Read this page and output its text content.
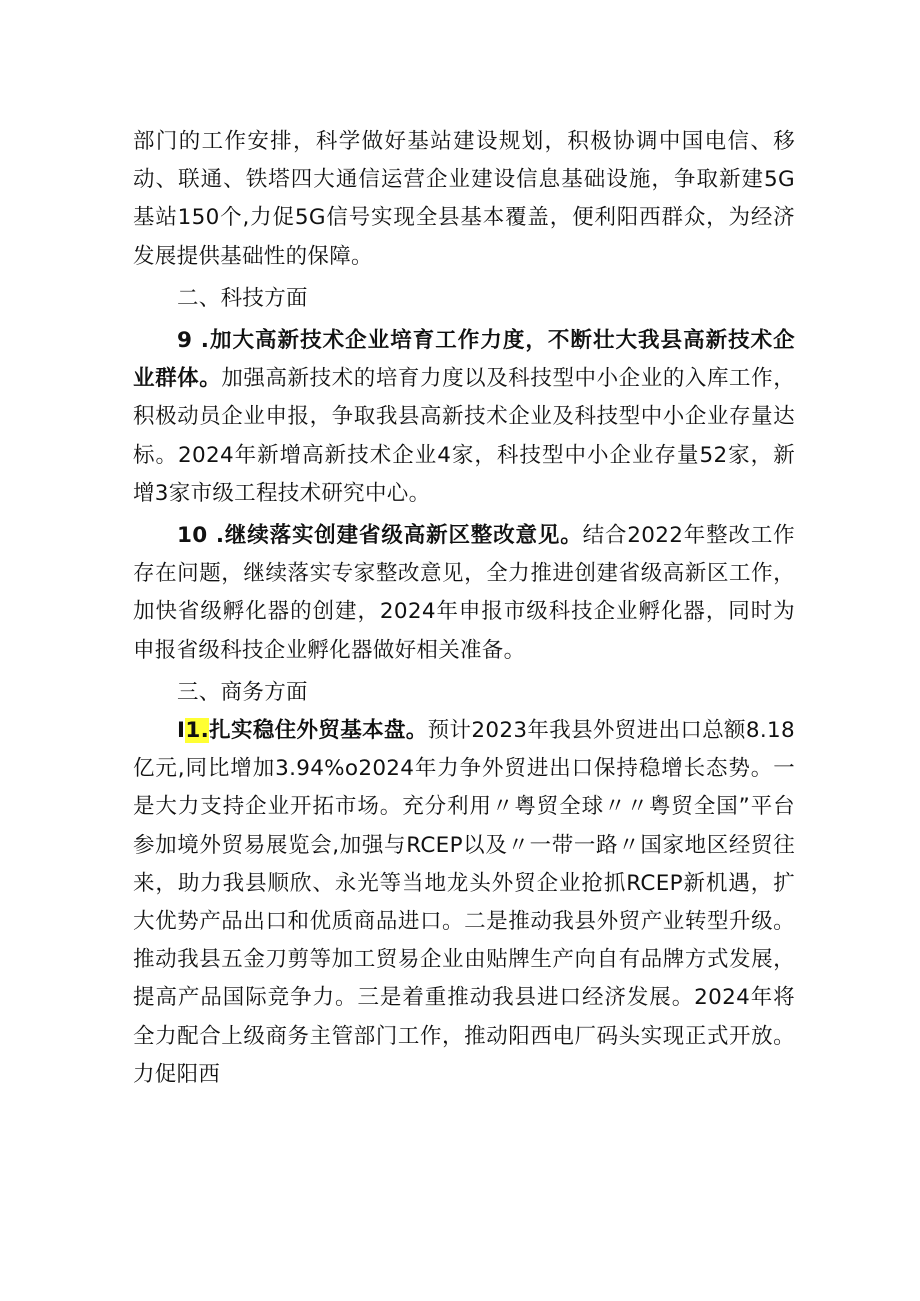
部门的工作安排，科学做好基站建设规划，积极协调中国电信、移动、联通、铁塔四大通信运营企业建设信息基础设施，争取新建5G基站150个,力促5G信号实现全县基本覆盖，便利阳西群众，为经济发展提供基础性的保障。

二、科技方面

9 .加大高新技术企业培育工作力度，不断壮大我县高新技术企业群体。加强高新技术的培育力度以及科技型中小企业的入库工作，积极动员企业申报，争取我县高新技术企业及科技型中小企业存量达标。2024年新增高新技术企业4家，科技型中小企业存量52家，新增3家市级工程技术研究中心。

10 .继续落实创建省级高新区整改意见。结合2022年整改工作存在问题，继续落实专家整改意见，全力推进创建省级高新区工作，加快省级孵化器的创建，2024年申报市级科技企业孵化器，同时为申报省级科技企业孵化器做好相关准备。

三、商务方面

I1.扎实稳住外贸基本盘。预计2023年我县外贸进出口总额8.18亿元,同比增加3.94%o2024年力争外贸进出口保持稳增长态势。一是大力支持企业开拓市场。充分利用〃粤贸全球〃〃粤贸全国”平台参加境外贸易展览会,加强与RCEP以及〃一带一路〃国家地区经贸往来，助力我县顺欣、永光等当地龙头外贸企业抢抓RCEP新机遇，扩大优势产品出口和优质商品进口。二是推动我县外贸产业转型升级。推动我县五金刀剪等加工贸易企业由贴牌生产向自有品牌方式发展，提高产品国际竞争力。三是着重推动我县进口经济发展。2024年将全力配合上级商务主管部门工作，推动阳西电厂码头实现正式开放。力促阳西
